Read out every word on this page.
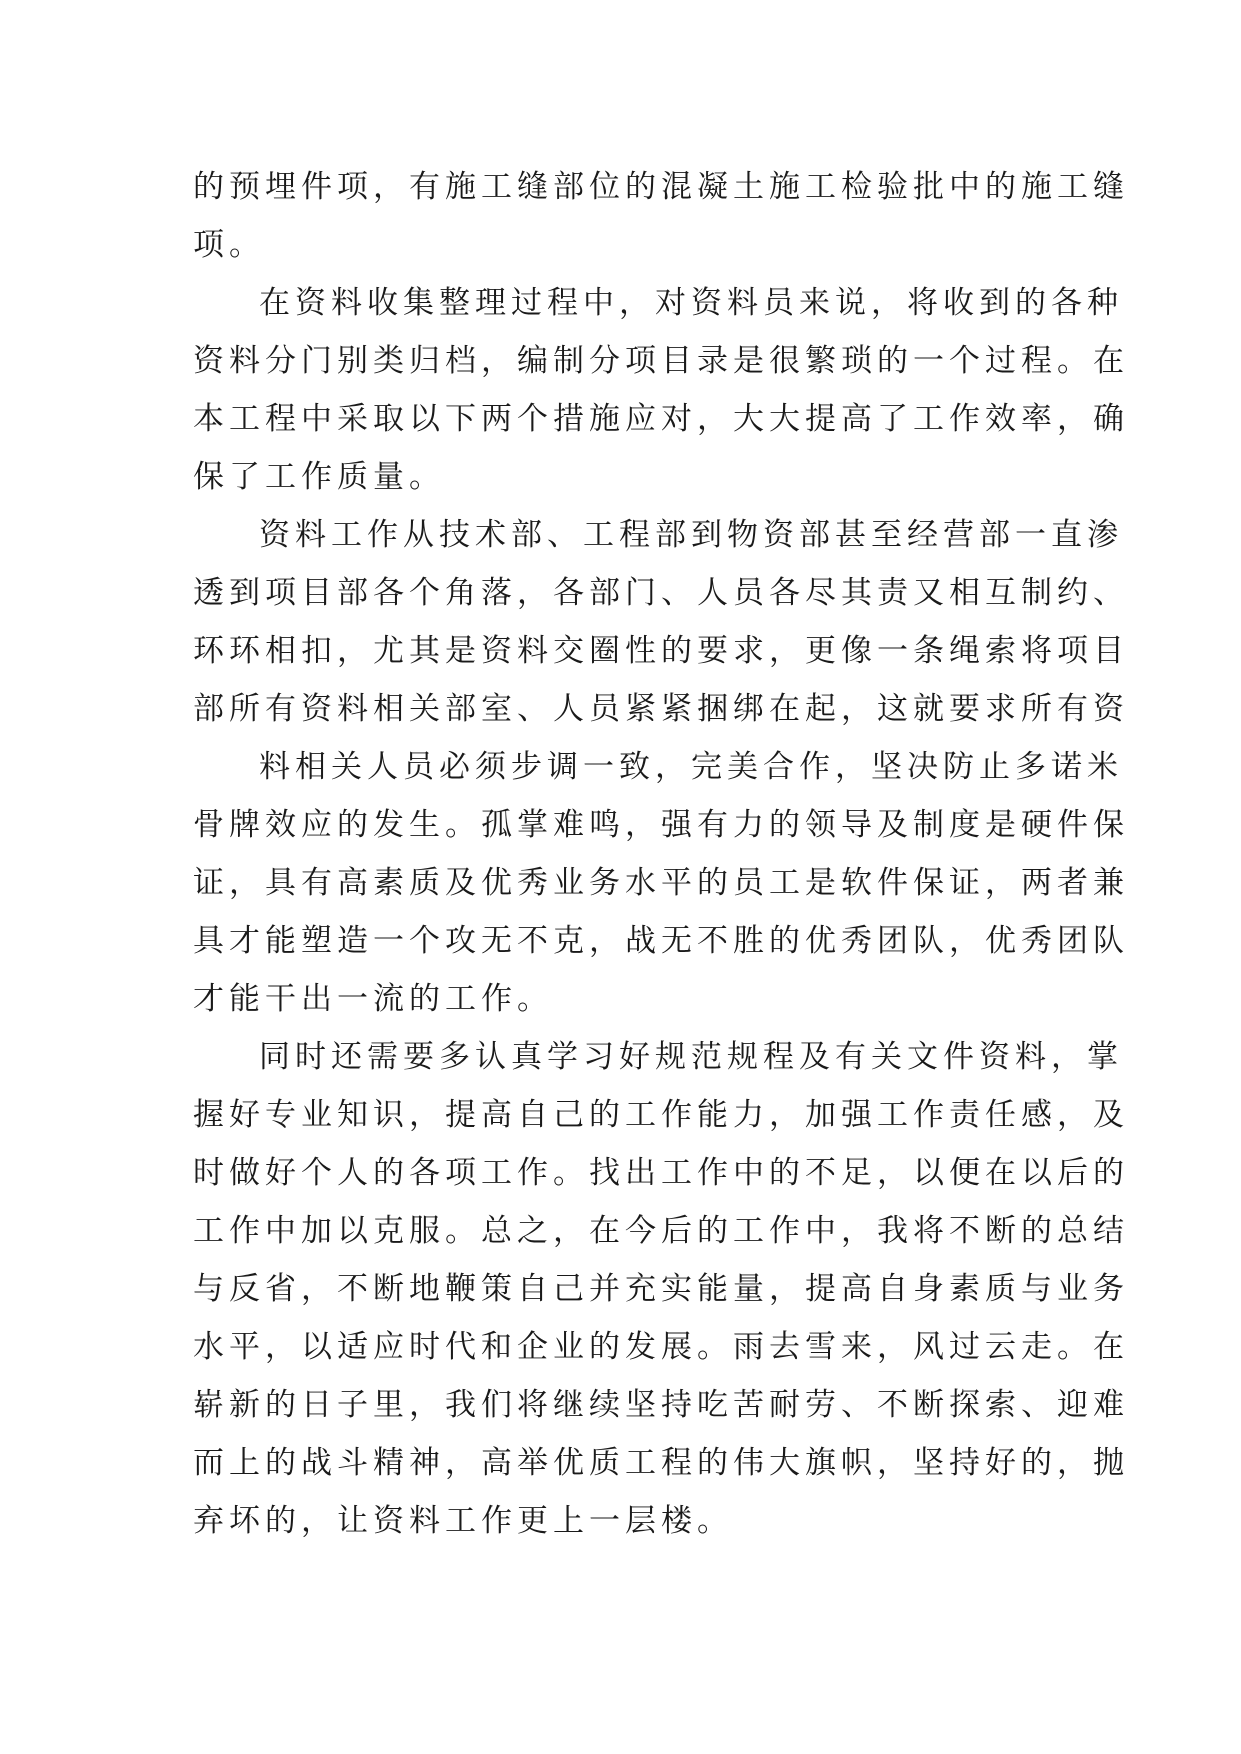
的预埋件项，有施工缝部位的混凝土施工检验批中的施工缝
项。
在资料收集整理过程中，对资料员来说，将收到的各种
资料分门别类归档，编制分项目录是很繁琐的一个过程。在
本工程中采取以下两个措施应对，大大提高了工作效率，确
保了工作质量。
资料工作从技术部、工程部到物资部甚至经营部一直渗
透到项目部各个角落，各部门、人员各尽其责又相互制约、
环环相扣，尤其是资料交圈性的要求，更像一条绳索将项目
部所有资料相关部室、人员紧紧捆绑在起，这就要求所有资
料相关人员必须步调一致，完美合作，坚决防止多诺米
骨牌效应的发生。孤掌难鸣，强有力的领导及制度是硬件保
证，具有高素质及优秀业务水平的员工是软件保证，两者兼
具才能塑造一个攻无不克，战无不胜的优秀团队，优秀团队
才能干出一流的工作。
同时还需要多认真学习好规范规程及有关文件资料，掌
握好专业知识，提高自己的工作能力，加强工作责任感，及
时做好个人的各项工作。找出工作中的不足，以便在以后的
工作中加以克服。总之，在今后的工作中，我将不断的总结
与反省，不断地鞭策自己并充实能量，提高自身素质与业务
水平，以适应时代和企业的发展。雨去雪来，风过云走。在
崭新的日子里，我们将继续坚持吃苦耐劳、不断探索、迎难
而上的战斗精神，高举优质工程的伟大旗帜，坚持好的，抛
弃坏的，让资料工作更上一层楼。
